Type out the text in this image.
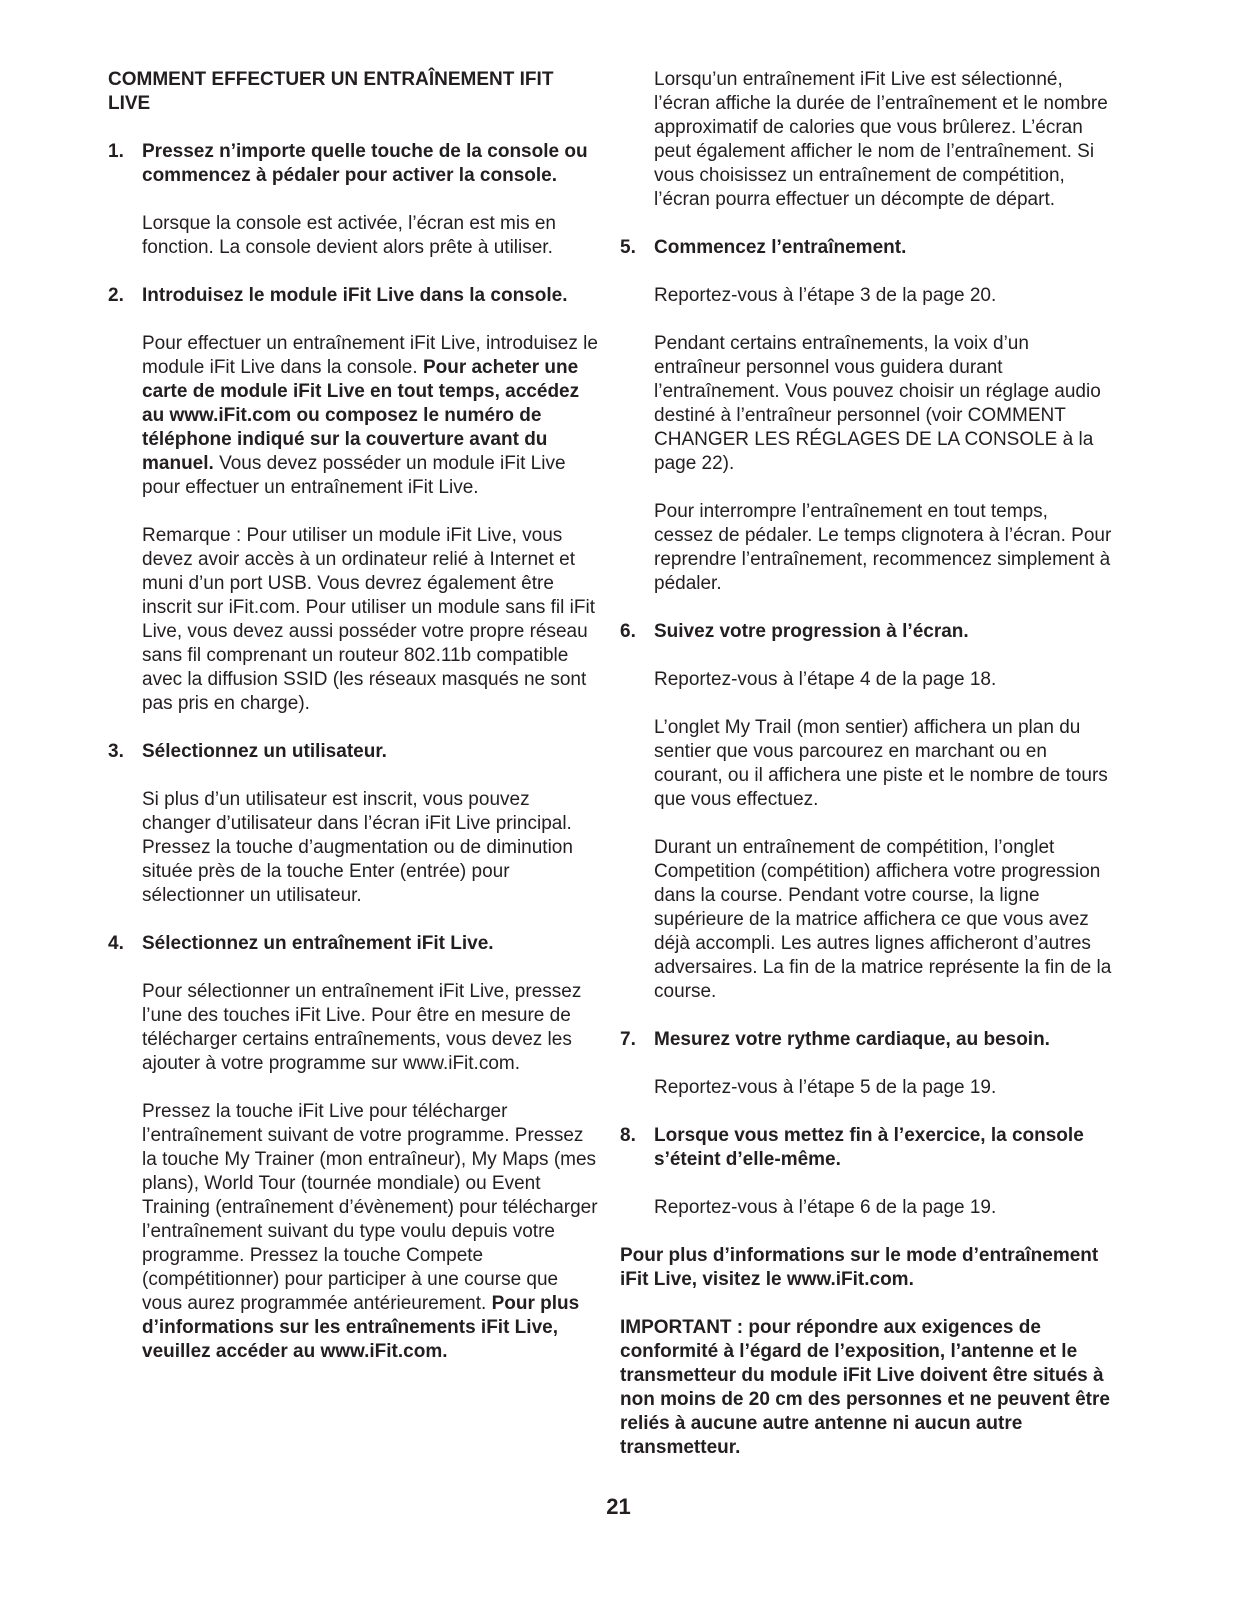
COMMENT EFFECTUER UN ENTRAÎNEMENT IFIT LIVE
1. Pressez n’importe quelle touche de la console ou commencez à pédaler pour activer la console.
Lorsque la console est activée, l’écran est mis en fonction. La console devient alors prête à utiliser.
2. Introduisez le module iFit Live dans la console.
Pour effectuer un entraînement iFit Live, introduisez le module iFit Live dans la console. Pour acheter une carte de module iFit Live en tout temps, accédez au www.iFit.com ou composez le numéro de téléphone indiqué sur la couverture avant du manuel. Vous devez posséder un module iFit Live pour effectuer un entraînement iFit Live.
Remarque : Pour utiliser un module iFit Live, vous devez avoir accès à un ordinateur relié à Internet et muni d’un port USB. Vous devrez également être inscrit sur iFit.com. Pour utiliser un module sans fil iFit Live, vous devez aussi posséder votre propre réseau sans fil comprenant un routeur 802.11b compatible avec la diffusion SSID (les réseaux masqués ne sont pas pris en charge).
3. Sélectionnez un utilisateur.
Si plus d’un utilisateur est inscrit, vous pouvez changer d’utilisateur dans l’écran iFit Live principal. Pressez la touche d’augmentation ou de diminution située près de la touche Enter (entrée) pour sélectionner un utilisateur.
4. Sélectionnez un entraînement iFit Live.
Pour sélectionner un entraînement iFit Live, pressez l’une des touches iFit Live. Pour être en mesure de télécharger certains entraînements, vous devez les ajouter à votre programme sur www.iFit.com.
Pressez la touche iFit Live pour télécharger l’entraînement suivant de votre programme. Pressez la touche My Trainer (mon entraîneur), My Maps (mes plans), World Tour (tournée mondiale) ou Event Training (entraînement d’évènement) pour télécharger l’entraînement suivant du type voulu depuis votre programme. Pressez la touche Compete (compétitionner) pour participer à une course que vous aurez programmée antérieurement. Pour plus d’informations sur les entraînements iFit Live, veuillez accéder au www.iFit.com.
Lorsqu’un entraînement iFit Live est sélectionné, l’écran affiche la durée de l’entraînement et le nombre approximatif de calories que vous brûlerez. L’écran peut également afficher le nom de l’entraînement. Si vous choisissez un entraînement de compétition, l’écran pourra effectuer un décompte de départ.
5. Commencez l’entraînement.
Reportez-vous à l’étape 3 de la page 20.
Pendant certains entraînements, la voix d’un entraîneur personnel vous guidera durant l’entraînement. Vous pouvez choisir un réglage audio destiné à l’entraîneur personnel (voir COMMENT CHANGER LES RÉGLAGES DE LA CONSOLE à la page 22).
Pour interrompre l’entraînement en tout temps, cessez de pédaler. Le temps clignotera à l’écran. Pour reprendre l’entraînement, recommencez simplement à pédaler.
6. Suivez votre progression à l’écran.
Reportez-vous à l’étape 4 de la page 18.
L’onglet My Trail (mon sentier) affichera un plan du sentier que vous parcourez en marchant ou en courant, ou il affichera une piste et le nombre de tours que vous effectuez.
Durant un entraînement de compétition, l’onglet Competition (compétition) affichera votre progression dans la course. Pendant votre course, la ligne supérieure de la matrice affichera ce que vous avez déjà accompli. Les autres lignes afficheront d’autres adversaires. La fin de la matrice représente la fin de la course.
7. Mesurez votre rythme cardiaque, au besoin.
Reportez-vous à l’étape 5 de la page 19.
8. Lorsque vous mettez fin à l’exercice, la console s’éteint d’elle-même.
Reportez-vous à l’étape 6 de la page 19.
Pour plus d’informations sur le mode d’entraînement iFit Live, visitez le www.iFit.com.
IMPORTANT : pour répondre aux exigences de conformité à l’égard de l’exposition, l’antenne et le transmetteur du module iFit Live doivent être situés à non moins de 20 cm des personnes et ne peuvent être reliés à aucune autre antenne ni aucun autre transmetteur.
21
